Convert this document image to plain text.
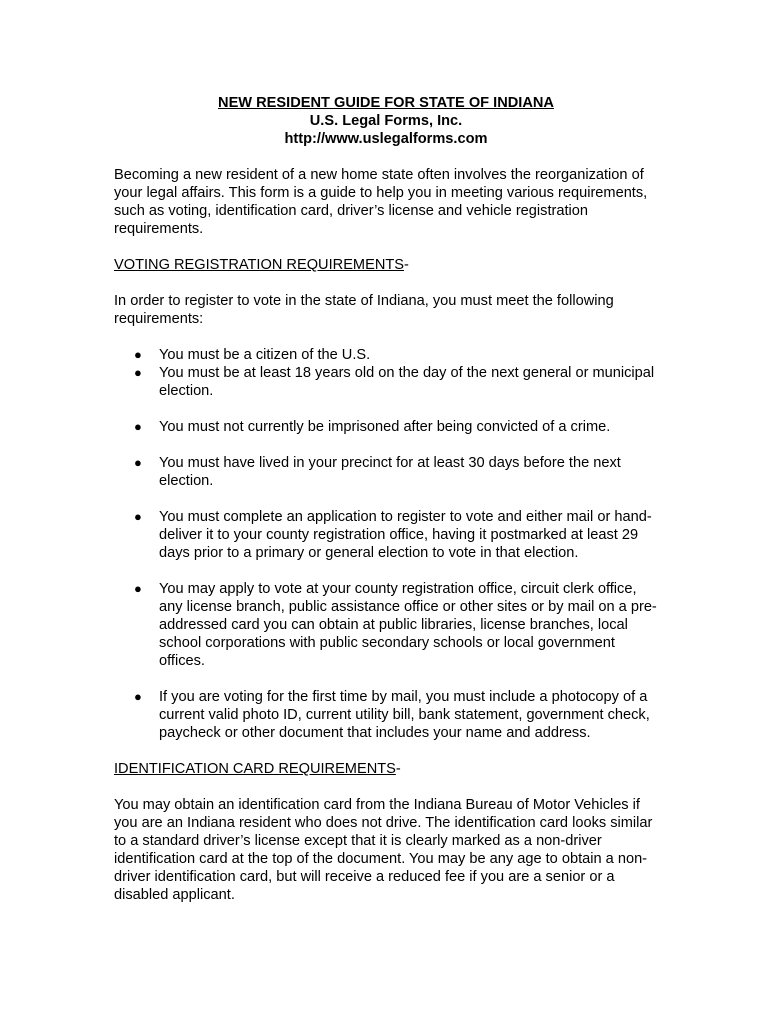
NEW RESIDENT GUIDE FOR STATE OF INDIANA
U.S. Legal Forms, Inc.
http://www.uslegalforms.com

Becoming a new resident of a new home state often involves the reorganization of your legal affairs. This form is a guide to help you in meeting various requirements, such as voting, identification card, driver’s license and vehicle registration requirements.

VOTING REGISTRATION REQUIREMENTS-

In order to register to vote in the state of Indiana, you must meet the following requirements:

● You must be a citizen of the U.S.
● You must be at least 18 years old on the day of the next general or municipal election.
● You must not currently be imprisoned after being convicted of a crime.
● You must have lived in your precinct for at least 30 days before the next election.
● You must complete an application to register to vote and either mail or hand-deliver it to your county registration office, having it postmarked at least 29 days prior to a primary or general election to vote in that election.
● You may apply to vote at your county registration office, circuit clerk office, any license branch, public assistance office or other sites or by mail on a pre-addressed card you can obtain at public libraries, license branches, local school corporations with public secondary schools or local government offices.
● If you are voting for the first time by mail, you must include a photocopy of a current valid photo ID, current utility bill, bank statement, government check, paycheck or other document that includes your name and address.

IDENTIFICATION CARD REQUIREMENTS-

You may obtain an identification card from the Indiana Bureau of Motor Vehicles if you are an Indiana resident who does not drive. The identification card looks similar to a standard driver’s license except that it is clearly marked as a non-driver identification card at the top of the document. You may be any age to obtain a non-driver identification card, but will receive a reduced fee if you are a senior or a disabled applicant.
